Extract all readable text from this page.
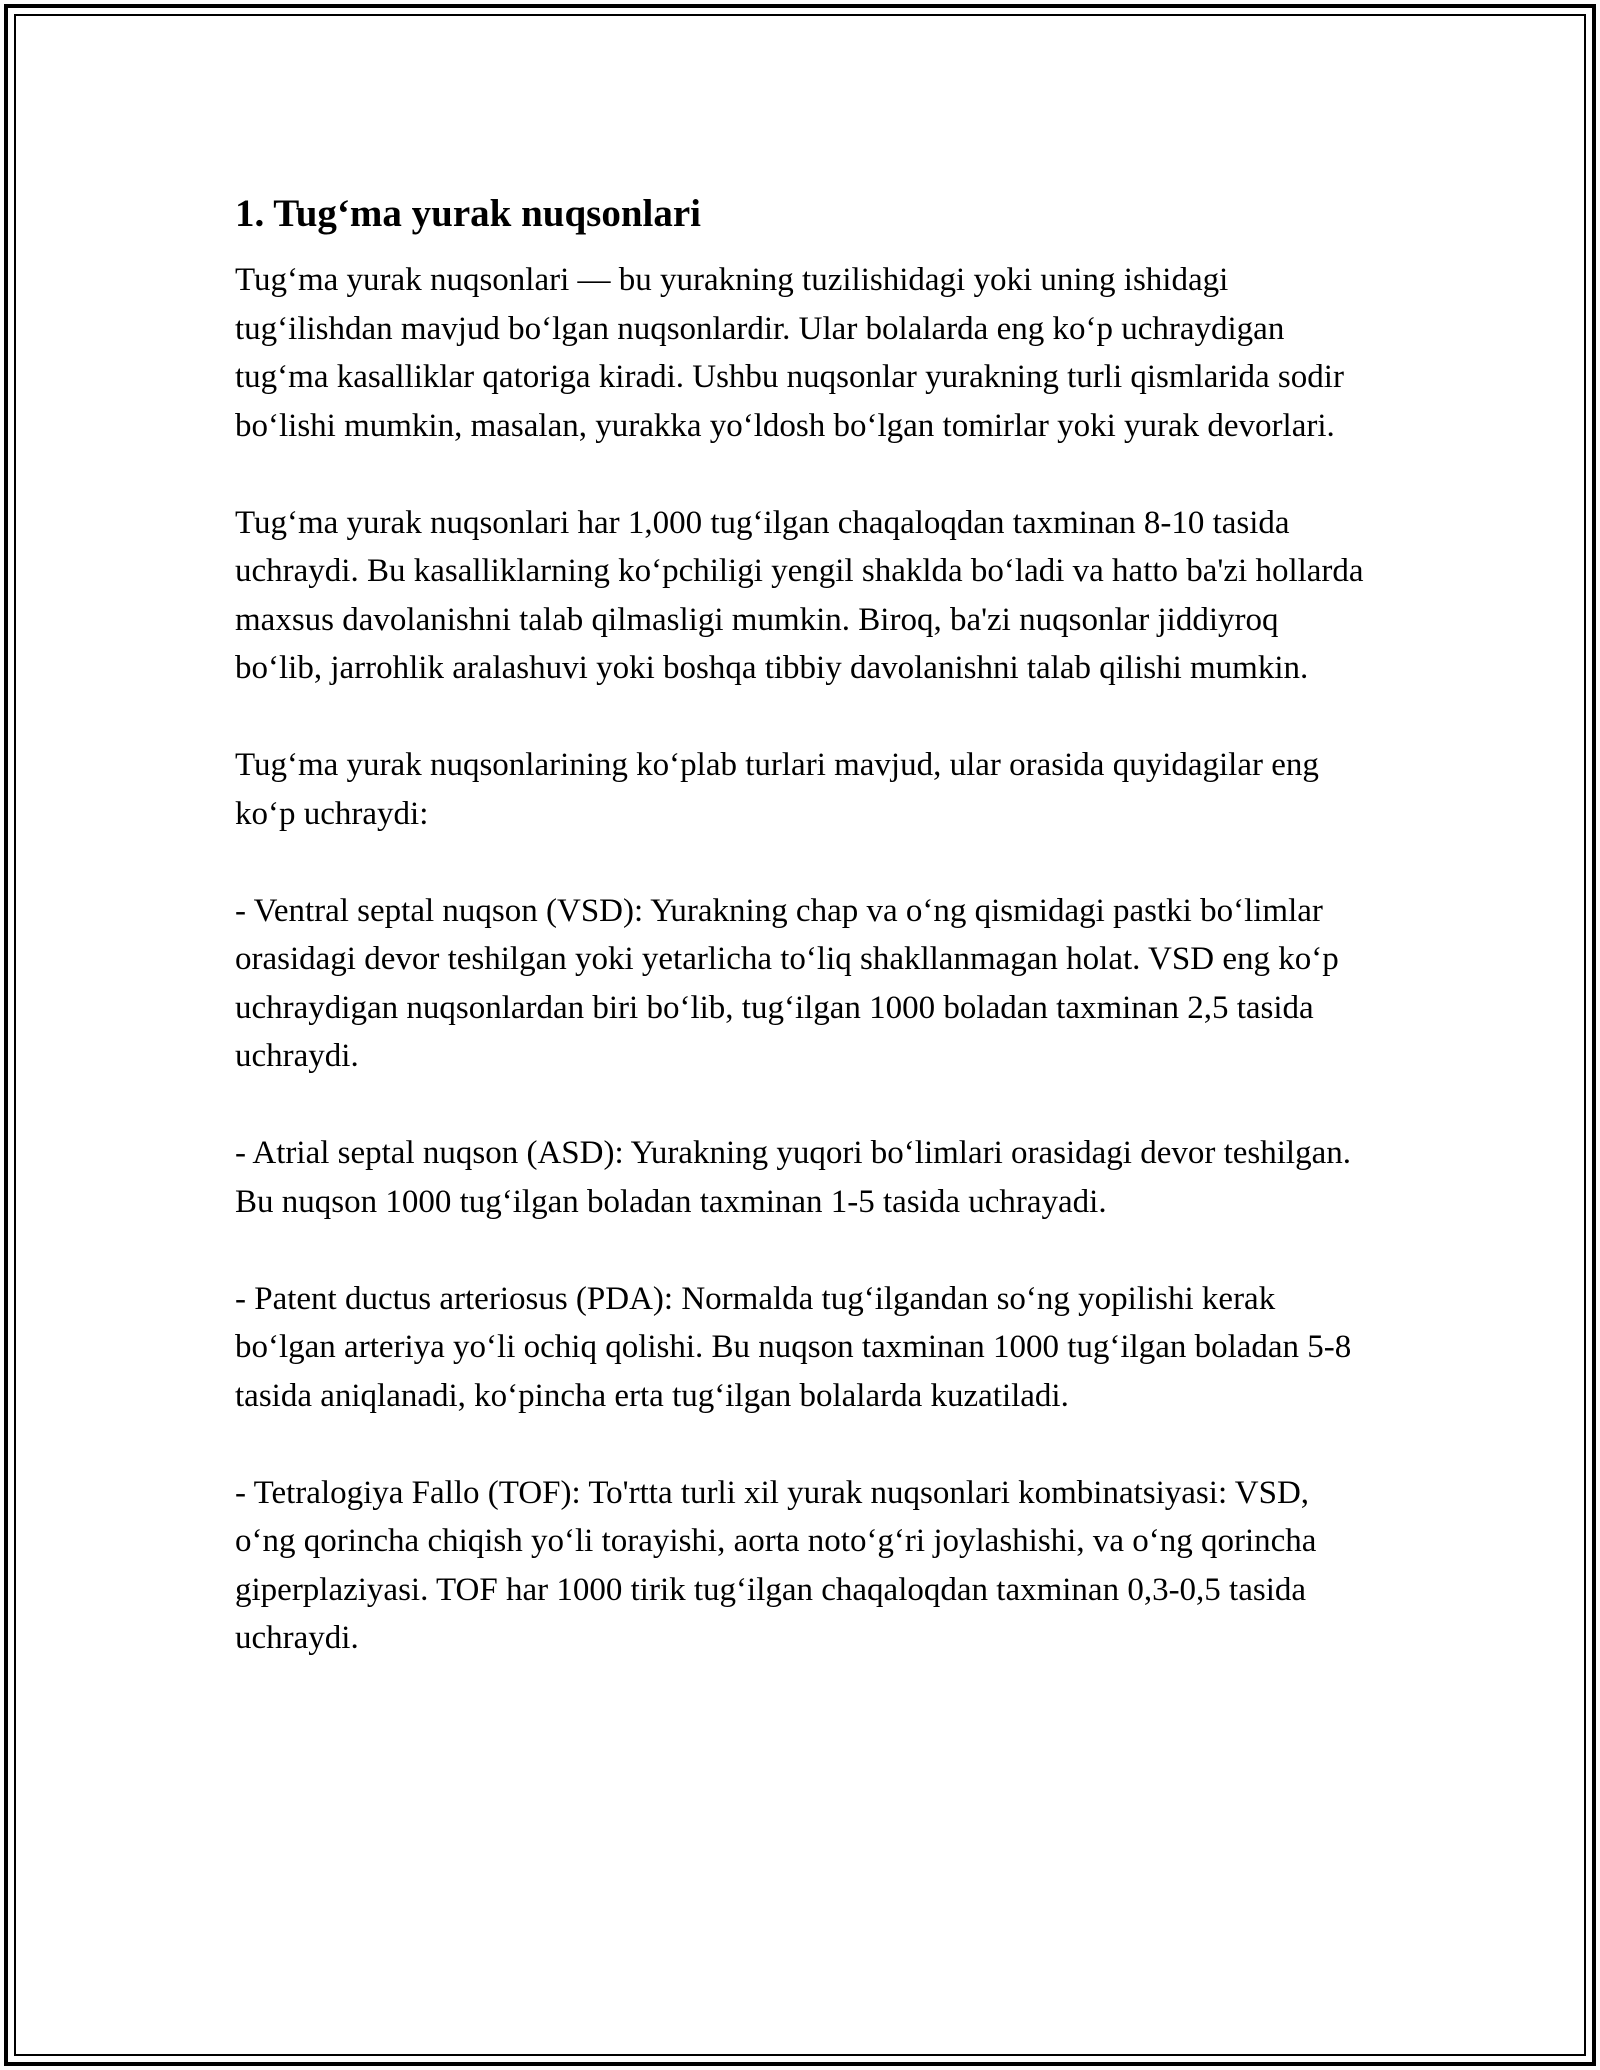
1. Tug‘ma yurak nuqsonlari

Tug‘ma yurak nuqsonlari — bu yurakning tuzilishidagi yoki uning ishidagi tug‘ilishdan mavjud bo‘lgan nuqsonlardir. Ular bolalarda eng ko‘p uchraydigan tug‘ma kasalliklar qatoriga kiradi. Ushbu nuqsonlar yurakning turli qismlarida sodir bo‘lishi mumkin, masalan, yurakka yo‘ldosh bo‘lgan tomirlar yoki yurak devorlari.

Tug‘ma yurak nuqsonlari har 1,000 tug‘ilgan chaqaloqdan taxminan 8-10 tasida uchraydi. Bu kasalliklarning ko‘pchiligi yengil shaklda bo‘ladi va hatto ba'zi hollarda maxsus davolanishni talab qilmasligi mumkin. Biroq, ba'zi nuqsonlar jiddiyroq bo‘lib, jarrohlik aralashuvi yoki boshqa tibbiy davolanishni talab qilishi mumkin.

Tug‘ma yurak nuqsonlarining ko‘plab turlari mavjud, ular orasida quyidagilar eng ko‘p uchraydi:

- Ventral septal nuqson (VSD): Yurakning chap va o‘ng qismidagi pastki bo‘limlar orasidagi devor teshilgan yoki yetarlicha to‘liq shakllanmagan holat. VSD eng ko‘p uchraydigan nuqsonlardan biri bo‘lib, tug‘ilgan 1000 boladan taxminan 2,5 tasida uchraydi.

- Atrial septal nuqson (ASD): Yurakning yuqori bo‘limlari orasidagi devor teshilgan. Bu nuqson 1000 tug‘ilgan boladan taxminan 1-5 tasida uchrayadi.

- Patent ductus arteriosus (PDA): Normalda tug‘ilgandan so‘ng yopilishi kerak bo‘lgan arteriya yo‘li ochiq qolishi. Bu nuqson taxminan 1000 tug‘ilgan boladan 5-8 tasida aniqlanadi, ko‘pincha erta tug‘ilgan bolalarda kuzatiladi.

- Tetralogiya Fallo (TOF): To'rtta turli xil yurak nuqsonlari kombinatsiyasi: VSD, o‘ng qorincha chiqish yo‘li torayishi, aorta noto‘g‘ri joylashishi, va o‘ng qorincha giperplaziyasi. TOF har 1000 tirik tug‘ilgan chaqaloqdan taxminan 0,3-0,5 tasida uchraydi.
